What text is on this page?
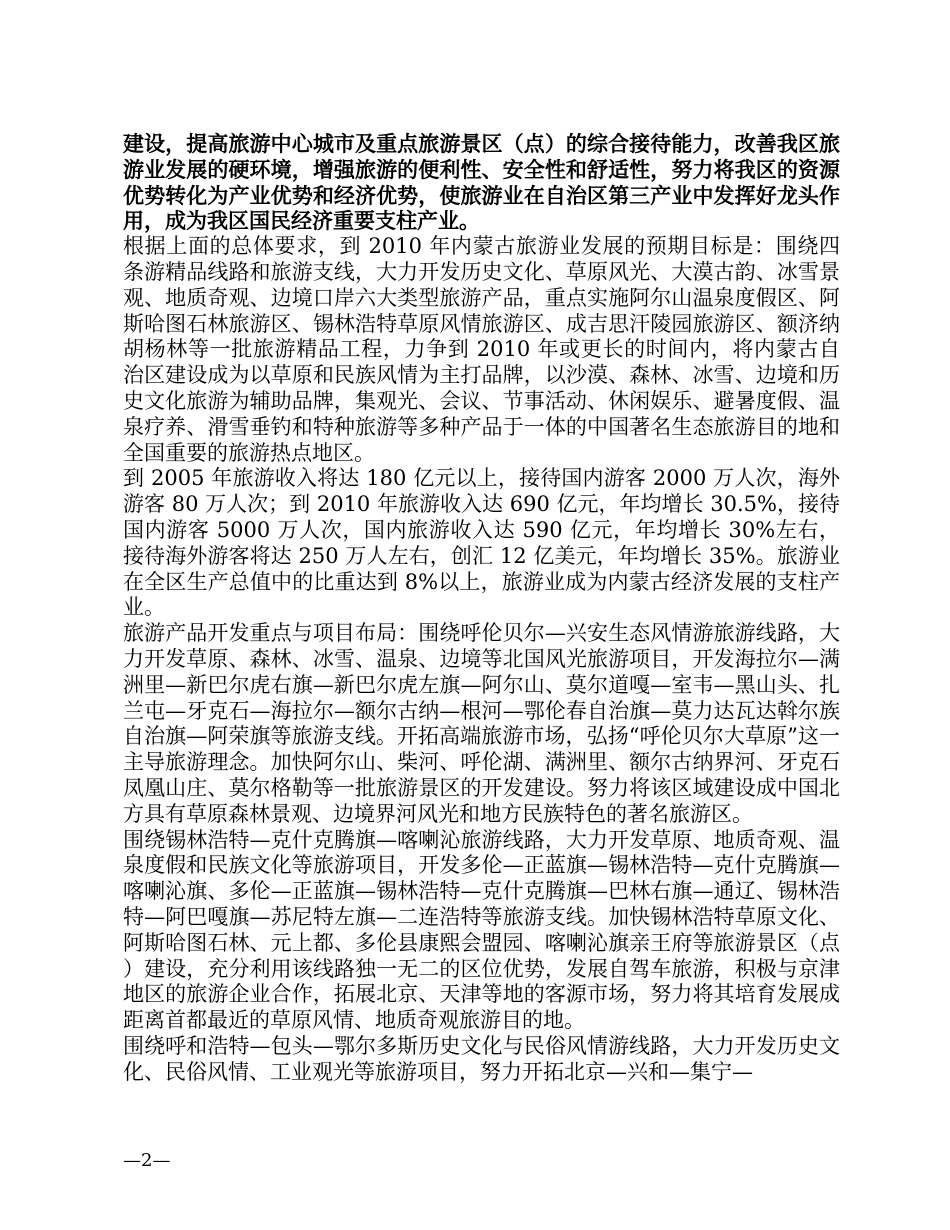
建设，提高旅游中心城市及重点旅游景区（点）的综合接待能力，改善我区旅游业发展的硬环境，增强旅游的便利性、安全性和舒适性，努力将我区的资源优势转化为产业优势和经济优势，使旅游业在自治区第三产业中发挥好龙头作用，成为我区国民经济重要支柱产业。

根据上面的总体要求，到 2010 年内蒙古旅游业发展的预期目标是：围绕四条游精品线路和旅游支线，大力开发历史文化、草原风光、大漠古韵、冰雪景观、地质奇观、边境口岸六大类型旅游产品，重点实施阿尔山温泉度假区、阿斯哈图石林旅游区、锡林浩特草原风情旅游区、成吉思汗陵园旅游区、额济纳胡杨林等一批旅游精品工程，力争到 2010 年或更长的时间内，将内蒙古自治区建设成为以草原和民族风情为主打品牌，以沙漠、森林、冰雪、边境和历史文化旅游为辅助品牌，集观光、会议、节事活动、休闲娱乐、避暑度假、温泉疗养、滑雪垂钓和特种旅游等多种产品于一体的中国著名生态旅游目的地和全国重要的旅游热点地区。

到 2005 年旅游收入将达 180 亿元以上，接待国内游客 2000 万人次，海外游客 80 万人次；到 2010 年旅游收入达 690 亿元，年均增长 30.5%，接待国内游客 5000 万人次，国内旅游收入达 590 亿元，年均增长 30%左右，接待海外游客将达 250 万人左右，创汇 12 亿美元，年均增长 35%。旅游业在全区生产总值中的比重达到 8%以上，旅游业成为内蒙古经济发展的支柱产业。

旅游产品开发重点与项目布局：围绕呼伦贝尔—兴安生态风情游旅游线路，大力开发草原、森林、冰雪、温泉、边境等北国风光旅游项目，开发海拉尔—满洲里—新巴尔虎右旗—新巴尔虎左旗—阿尔山、莫尔道嘎—室韦—黑山头、扎兰屯—牙克石—海拉尔—额尔古纳—根河—鄂伦春自治旗—莫力达瓦达斡尔族自治旗—阿荣旗等旅游支线。开拓高端旅游市场，弘扬“呼伦贝尔大草原”这一主导旅游理念。加快阿尔山、柴河、呼伦湖、满洲里、额尔古纳界河、牙克石凤凰山庄、莫尔格勒等一批旅游景区的开发建设。努力将该区域建设成中国北方具有草原森林景观、边境界河风光和地方民族特色的著名旅游区。

围绕锡林浩特—克什克腾旗—喀喇沁旅游线路，大力开发草原、地质奇观、温泉度假和民族文化等旅游项目，开发多伦—正蓝旗—锡林浩特—克什克腾旗—喀喇沁旗、多伦—正蓝旗—锡林浩特—克什克腾旗—巴林右旗—通辽、锡林浩特—阿巴嘎旗—苏尼特左旗—二连浩特等旅游支线。加快锡林浩特草原文化、阿斯哈图石林、元上都、多伦县康熙会盟园、喀喇沁旗亲王府等旅游景区（点）建设，充分利用该线路独一无二的区位优势，发展自驾车旅游，积极与京津地区的旅游企业合作，拓展北京、天津等地的客源市场，努力将其培育发展成距离首都最近的草原风情、地质奇观旅游目的地。

围绕呼和浩特—包头—鄂尔多斯历史文化与民俗风情游线路，大力开发历史文化、民俗风情、工业观光等旅游项目，努力开拓北京—兴和—集宁—

—2—
